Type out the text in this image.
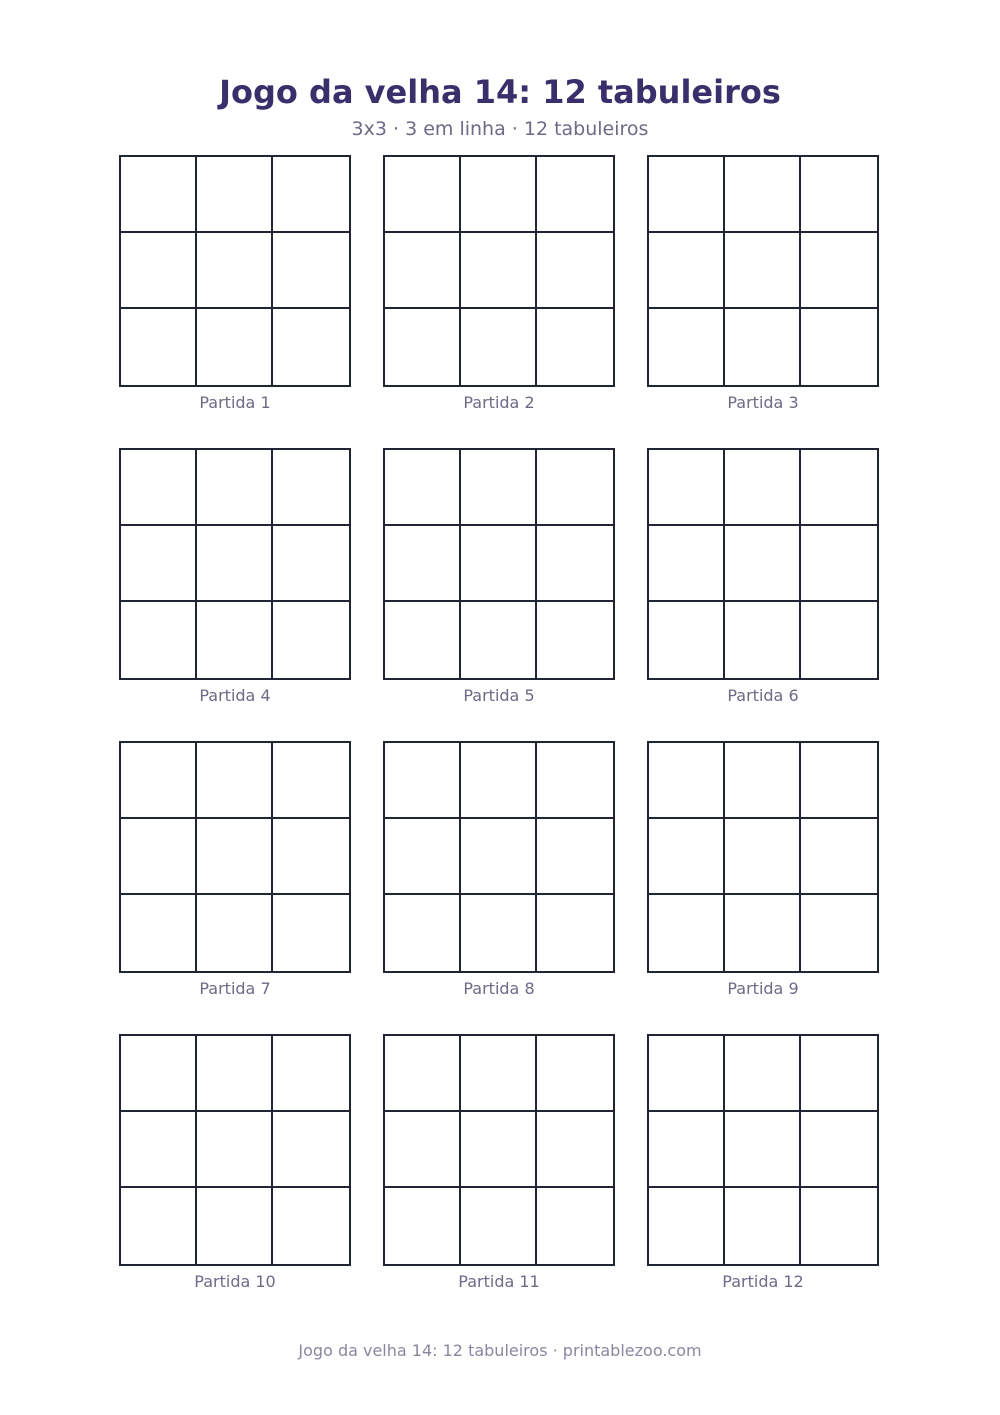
Jogo da velha 14: 12 tabuleiros
3x3 · 3 em linha · 12 tabuleiros
Partida 1	Partida 2	Partida 3
Partida 4	Partida 5	Partida 6
Partida 7	Partida 8	Partida 9
Partida 10	Partida 11	Partida 12
Jogo da velha 14: 12 tabuleiros · printablezoo.com
